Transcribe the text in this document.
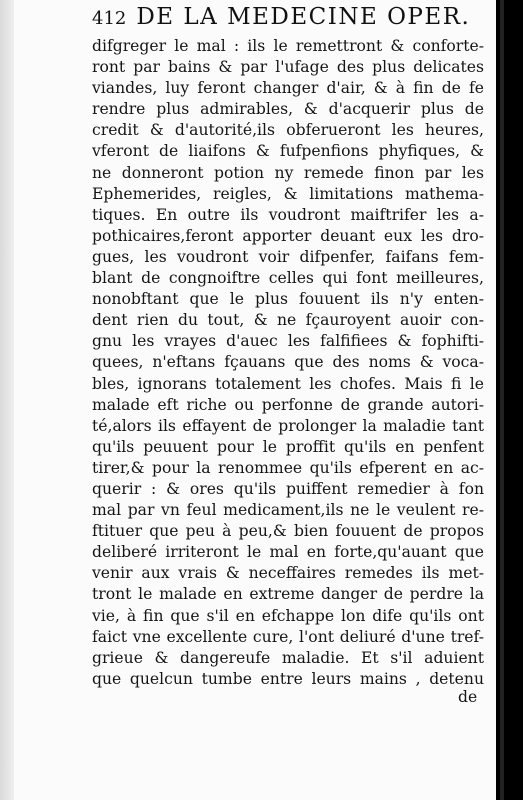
412 DE LA MEDECINE OPER.
difgreger le mal : ils le remettront & conforte-
ront par bains & par l'ufage des plus delicates
viandes, luy feront changer d'air, & à fin de fe
rendre plus admirables, & d'acquerir plus de
credit & d'autorité,ils obferueront les heures,
vferont de liaifons & fufpenfions phyfiques, &
ne donneront potion ny remede finon par les
Ephemerides, reigles, & limitations mathema-
tiques. En outre ils voudront maiftrifer les a-
pothicaires,feront apporter deuant eux les dro-
gues, les voudront voir difpenfer, faifans fem-
blant de congnoiftre celles qui font meilleures,
nonobftant que le plus fouuent ils n'y enten-
dent rien du tout, & ne fçauroyent auoir con-
gnu les vrayes d'auec les falfifiees & fophifti-
quees, n'eftans fçauans que des noms & voca-
bles, ignorans totalement les chofes. Mais fi le
malade eft riche ou perfonne de grande autori-
té,alors ils effayent de prolonger la maladie tant
qu'ils peuuent pour le proffit qu'ils en penfent
tirer,& pour la renommee qu'ils efperent en ac-
querir : & ores qu'ils puiffent remedier à fon
mal par vn feul medicament,ils ne le veulent re-
ftituer que peu à peu,& bien fouuent de propos
deliberé irriteront le mal en forte,qu'auant que
venir aux vrais & neceffaires remedes ils met-
tront le malade en extreme danger de perdre la
vie, à fin que s'il en efchappe lon dife qu'ils ont
faict vne excellente cure, l'ont deliuré d'une tref-
grieue & dangereufe maladie. Et s'il aduient
que quelcun tumbe entre leurs mains , detenu
de
